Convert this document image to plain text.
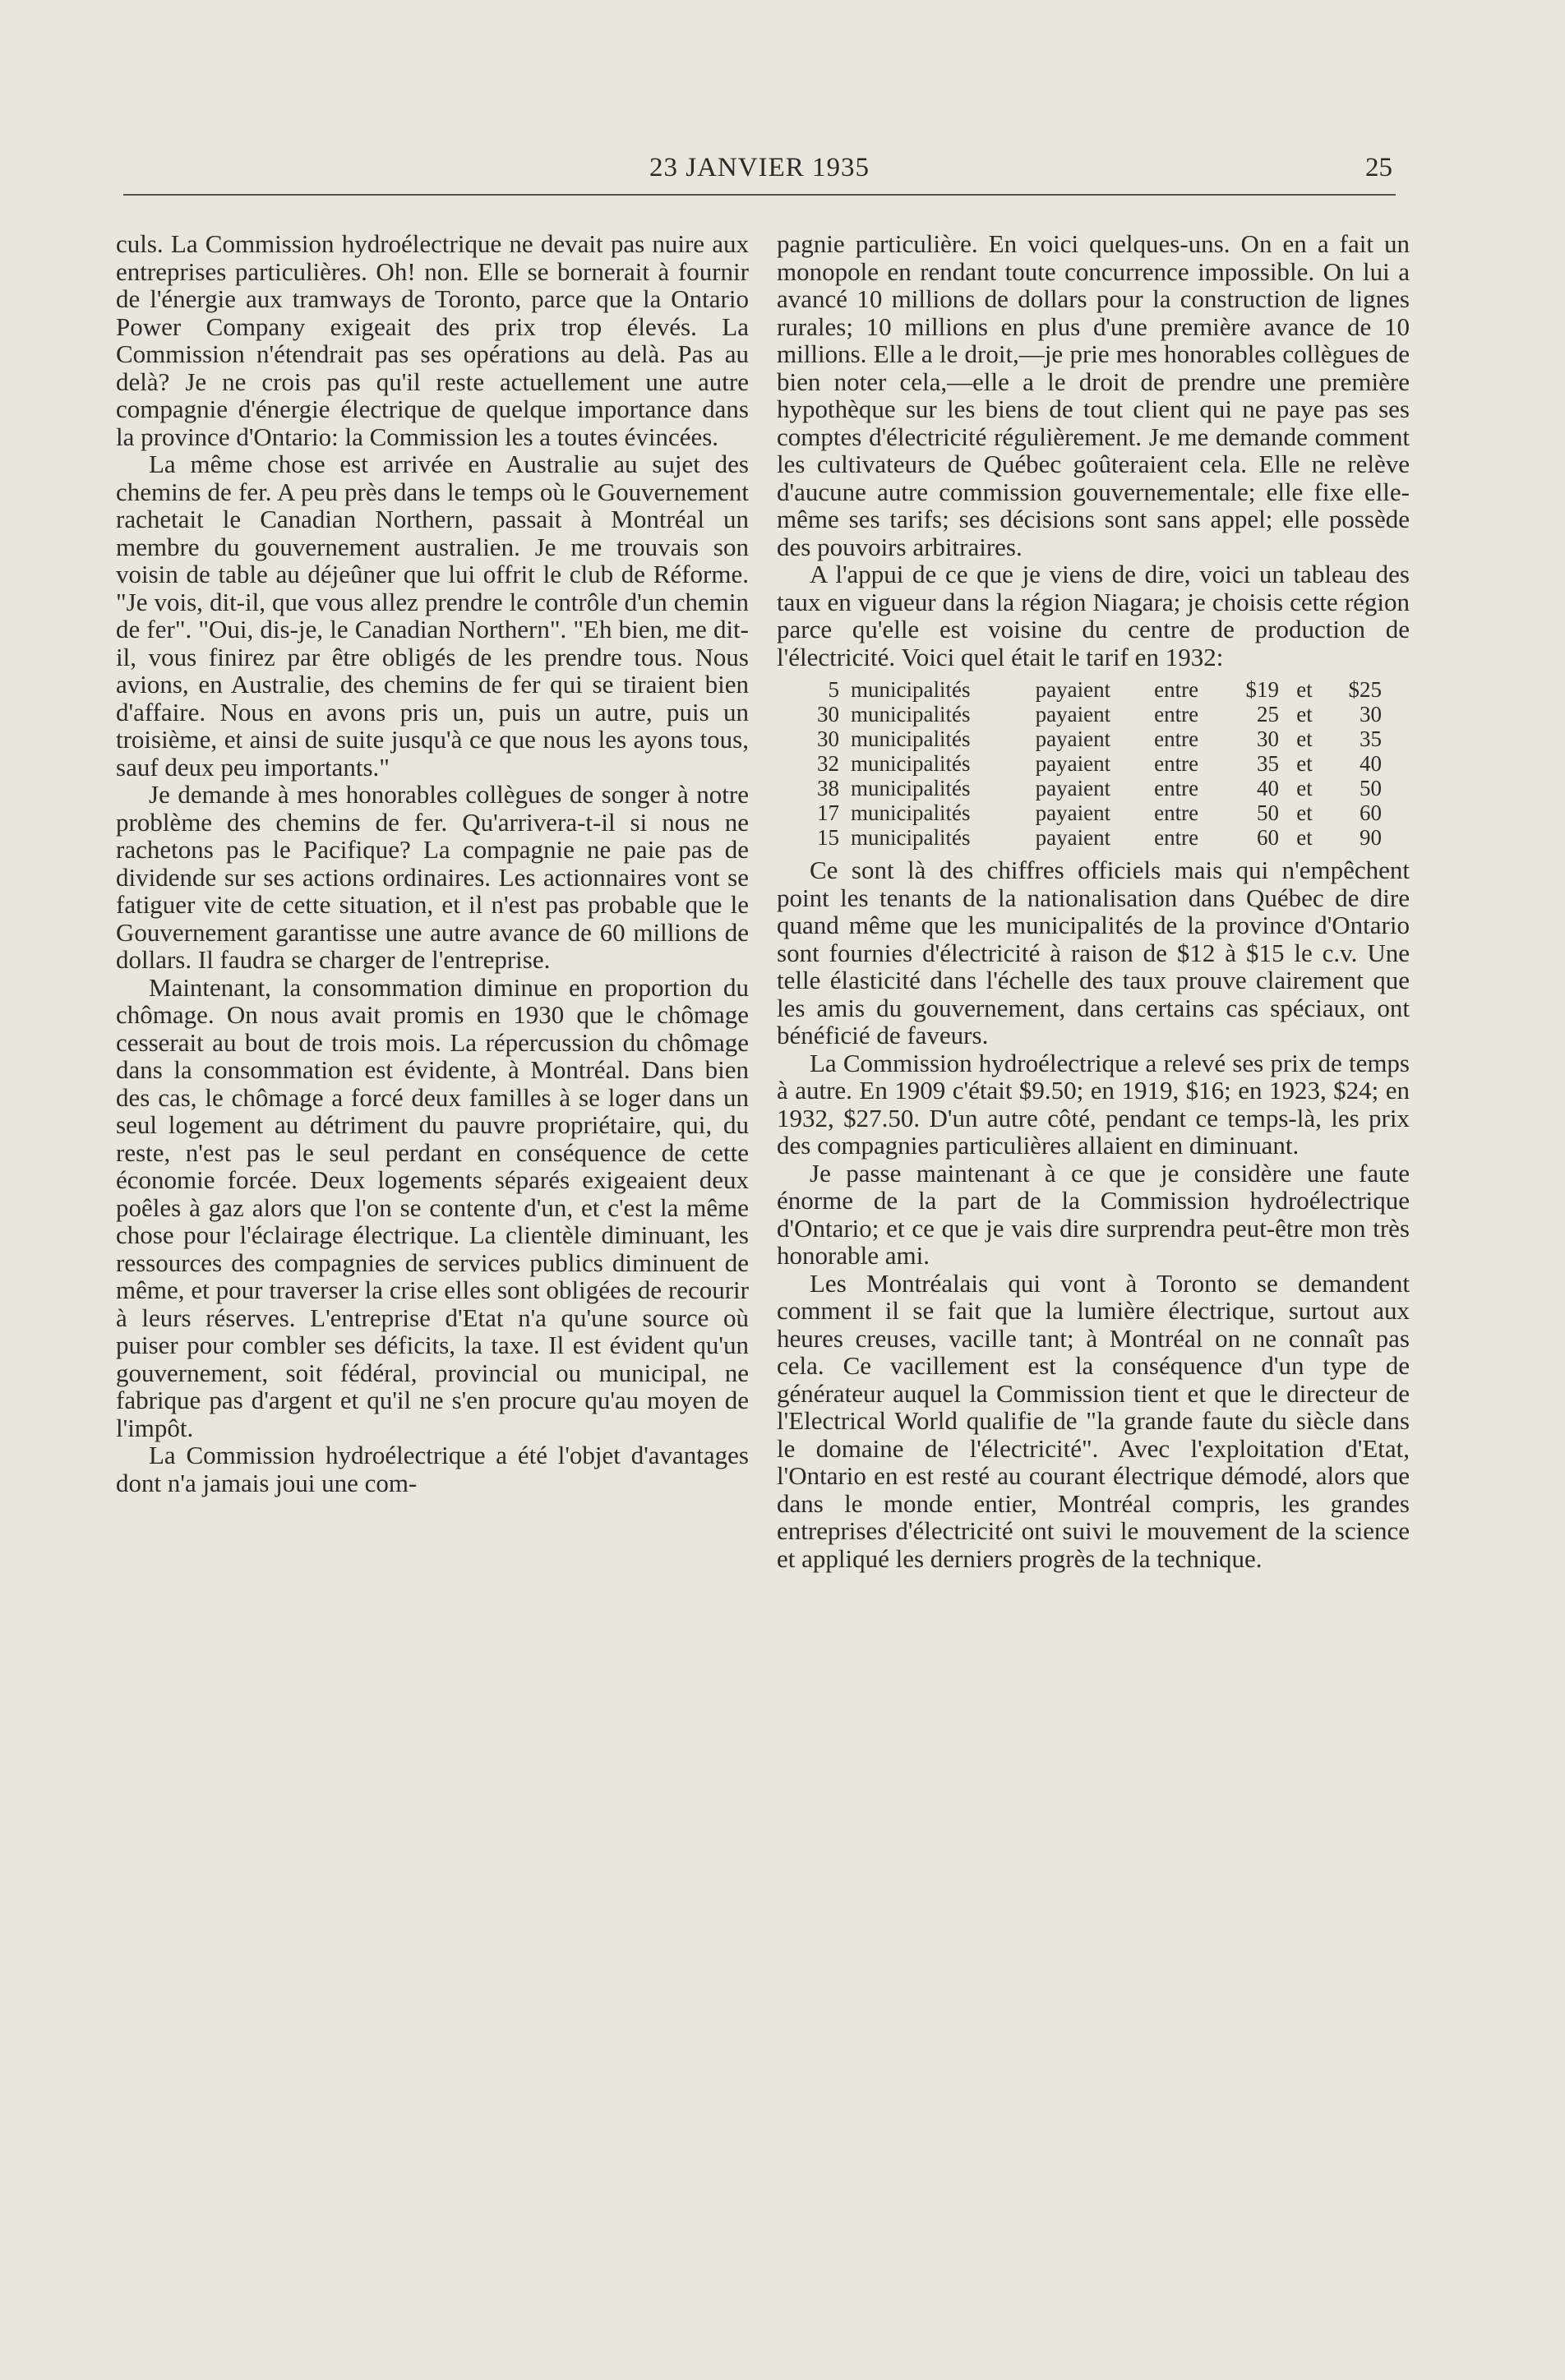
23 JANVIER 1935	25

culs. La Commission hydroélectrique ne devait pas nuire aux entreprises particulières. Oh! non. Elle se bornerait à fournir de l'énergie aux tramways de Toronto, parce que la Ontario Power Company exigeait des prix trop élevés. La Commission n'étendrait pas ses opérations au delà. Pas au delà? Je ne crois pas qu'il reste actuellement une autre compagnie d'énergie électrique de quelque importance dans la province d'Ontario: la Commission les a toutes évincées.

La même chose est arrivée en Australie au sujet des chemins de fer. A peu près dans le temps où le Gouvernement rachetait le Canadian Northern, passait à Montréal un membre du gouvernement australien. Je me trouvais son voisin de table au déjeûner que lui offrit le club de Réforme. "Je vois, dit-il, que vous allez prendre le contrôle d'un chemin de fer". "Oui, dis-je, le Canadian Northern". "Eh bien, me dit-il, vous finirez par être obligés de les prendre tous. Nous avions, en Australie, des chemins de fer qui se tiraient bien d'affaire. Nous en avons pris un, puis un autre, puis un troisième, et ainsi de suite jusqu'à ce que nous les ayons tous, sauf deux peu importants."

Je demande à mes honorables collègues de songer à notre problème des chemins de fer. Qu'arrivera-t-il si nous ne rachetons pas le Pacifique? La compagnie ne paie pas de dividende sur ses actions ordinaires. Les actionnaires vont se fatiguer vite de cette situation, et il n'est pas probable que le Gouvernement garantisse une autre avance de 60 millions de dollars. Il faudra se charger de l'entreprise.

Maintenant, la consommation diminue en proportion du chômage. On nous avait promis en 1930 que le chômage cesserait au bout de trois mois. La répercussion du chômage dans la consommation est évidente, à Montréal. Dans bien des cas, le chômage a forcé deux familles à se loger dans un seul logement au détriment du pauvre propriétaire, qui, du reste, n'est pas le seul perdant en conséquence de cette économie forcée. Deux logements séparés exigeaient deux poêles à gaz alors que l'on se contente d'un, et c'est la même chose pour l'éclairage électrique. La clientèle diminuant, les ressources des compagnies de services publics diminuent de même, et pour traverser la crise elles sont obligées de recourir à leurs réserves. L'entreprise d'Etat n'a qu'une source où puiser pour combler ses déficits, la taxe. Il est évident qu'un gouvernement, soit fédéral, provincial ou municipal, ne fabrique pas d'argent et qu'il ne s'en procure qu'au moyen de l'impôt.

La Commission hydroélectrique a été l'objet d'avantages dont n'a jamais joui une com-

pagnie particulière. En voici quelques-uns. On en a fait un monopole en rendant toute concurrence impossible. On lui a avancé 10 millions de dollars pour la construction de lignes rurales; 10 millions en plus d'une première avance de 10 millions. Elle a le droit,—je prie mes honorables collègues de bien noter cela,—elle a le droit de prendre une première hypothèque sur les biens de tout client qui ne paye pas ses comptes d'électricité régulièrement. Je me demande comment les cultivateurs de Québec goûteraient cela. Elle ne relève d'aucune autre commission gouvernementale; elle fixe elle-même ses tarifs; ses décisions sont sans appel; elle possède des pouvoirs arbitraires.

A l'appui de ce que je viens de dire, voici un tableau des taux en vigueur dans la région Niagara; je choisis cette région parce qu'elle est voisine du centre de production de l'électricité. Voici quel était le tarif en 1932:

5	municipalités	payaient	entre	$19	et	$25
30	municipalités	payaient	entre	25	et	30
30	municipalités	payaient	entre	30	et	35
32	municipalités	payaient	entre	35	et	40
38	municipalités	payaient	entre	40	et	50
17	municipalités	payaient	entre	50	et	60
15	municipalités	payaient	entre	60	et	90

Ce sont là des chiffres officiels mais qui n'empêchent point les tenants de la nationalisation dans Québec de dire quand même que les municipalités de la province d'Ontario sont fournies d'électricité à raison de $12 à $15 le c.v. Une telle élasticité dans l'échelle des taux prouve clairement que les amis du gouvernement, dans certains cas spéciaux, ont bénéficié de faveurs.

La Commission hydroélectrique a relevé ses prix de temps à autre. En 1909 c'était $9.50; en 1919, $16; en 1923, $24; en 1932, $27.50. D'un autre côté, pendant ce temps-là, les prix des compagnies particulières allaient en diminuant.

Je passe maintenant à ce que je considère une faute énorme de la part de la Commission hydroélectrique d'Ontario; et ce que je vais dire surprendra peut-être mon très honorable ami.

Les Montréalais qui vont à Toronto se demandent comment il se fait que la lumière électrique, surtout aux heures creuses, vacille tant; à Montréal on ne connaît pas cela. Ce vacillement est la conséquence d'un type de générateur auquel la Commission tient et que le directeur de l'Electrical World qualifie de "la grande faute du siècle dans le domaine de l'électricité". Avec l'exploitation d'Etat, l'Ontario en est resté au courant électrique démodé, alors que dans le monde entier, Montréal compris, les grandes entreprises d'électricité ont suivi le mouvement de la science et appliqué les derniers progrès de la technique.
